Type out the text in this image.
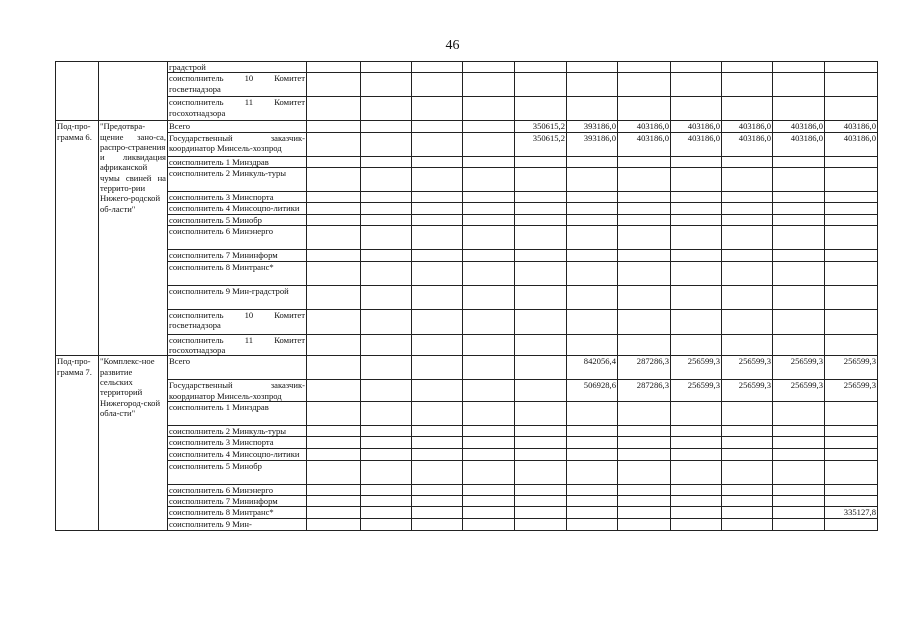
46
		градстрой											
		соисполнитель 10 Комитет госветнадзора											
		соисполнитель 11 Комитет госохотнадзора											
Под-про-грамма 6.	"Предотвра-щение зано-са, распро-странения и ликвидация африканской чумы свиней на террито-рии Нижего-родской об-ласти"	Всего					350615,2	393186,0	403186,0	403186,0	403186,0	403186,0	403186,0
		Государственный заказчик-координатор Минсель-хозпрод					350615,2	393186,0	403186,0	403186,0	403186,0	403186,0	403186,0
		соисполнитель 1 Минздрав											
		соисполнитель 2 Минкуль-туры											
		соисполнитель 3 Минспорта											
		соисполнитель 4 Минсоцпо-литики											
		соисполнитель 5 Минобр											
		соисполнитель 6 Минэнерго											
		соисполнитель 7 Мининформ											
		соисполнитель 8 Минтранс*											
		соисполнитель 9 Мин-градстрой											
		соисполнитель 10 Комитет госветнадзора											
		соисполнитель 11 Комитет госохотнадзора											
Под-про-грамма 7.	"Комплекс-ное развитие сельских территорий Нижегород-ской обла-сти"	Всего						842056,4	287286,3	256599,3	256599,3	256599,3	256599,3
		Государственный заказчик-координатор Минсель-хозпрод						506928,6	287286,3	256599,3	256599,3	256599,3	256599,3
		соисполнитель 1 Минздрав											
		соисполнитель 2 Минкуль-туры											
		соисполнитель 3 Минспорта											
		соисполнитель 4 Минсоцпо-литики											
		соисполнитель 5 Минобр											
		соисполнитель 6 Минэнерго											
		соисполнитель 7 Мининформ											
		соисполнитель 8 Минтранс*											335127,8
		соисполнитель 9 Мин-											
